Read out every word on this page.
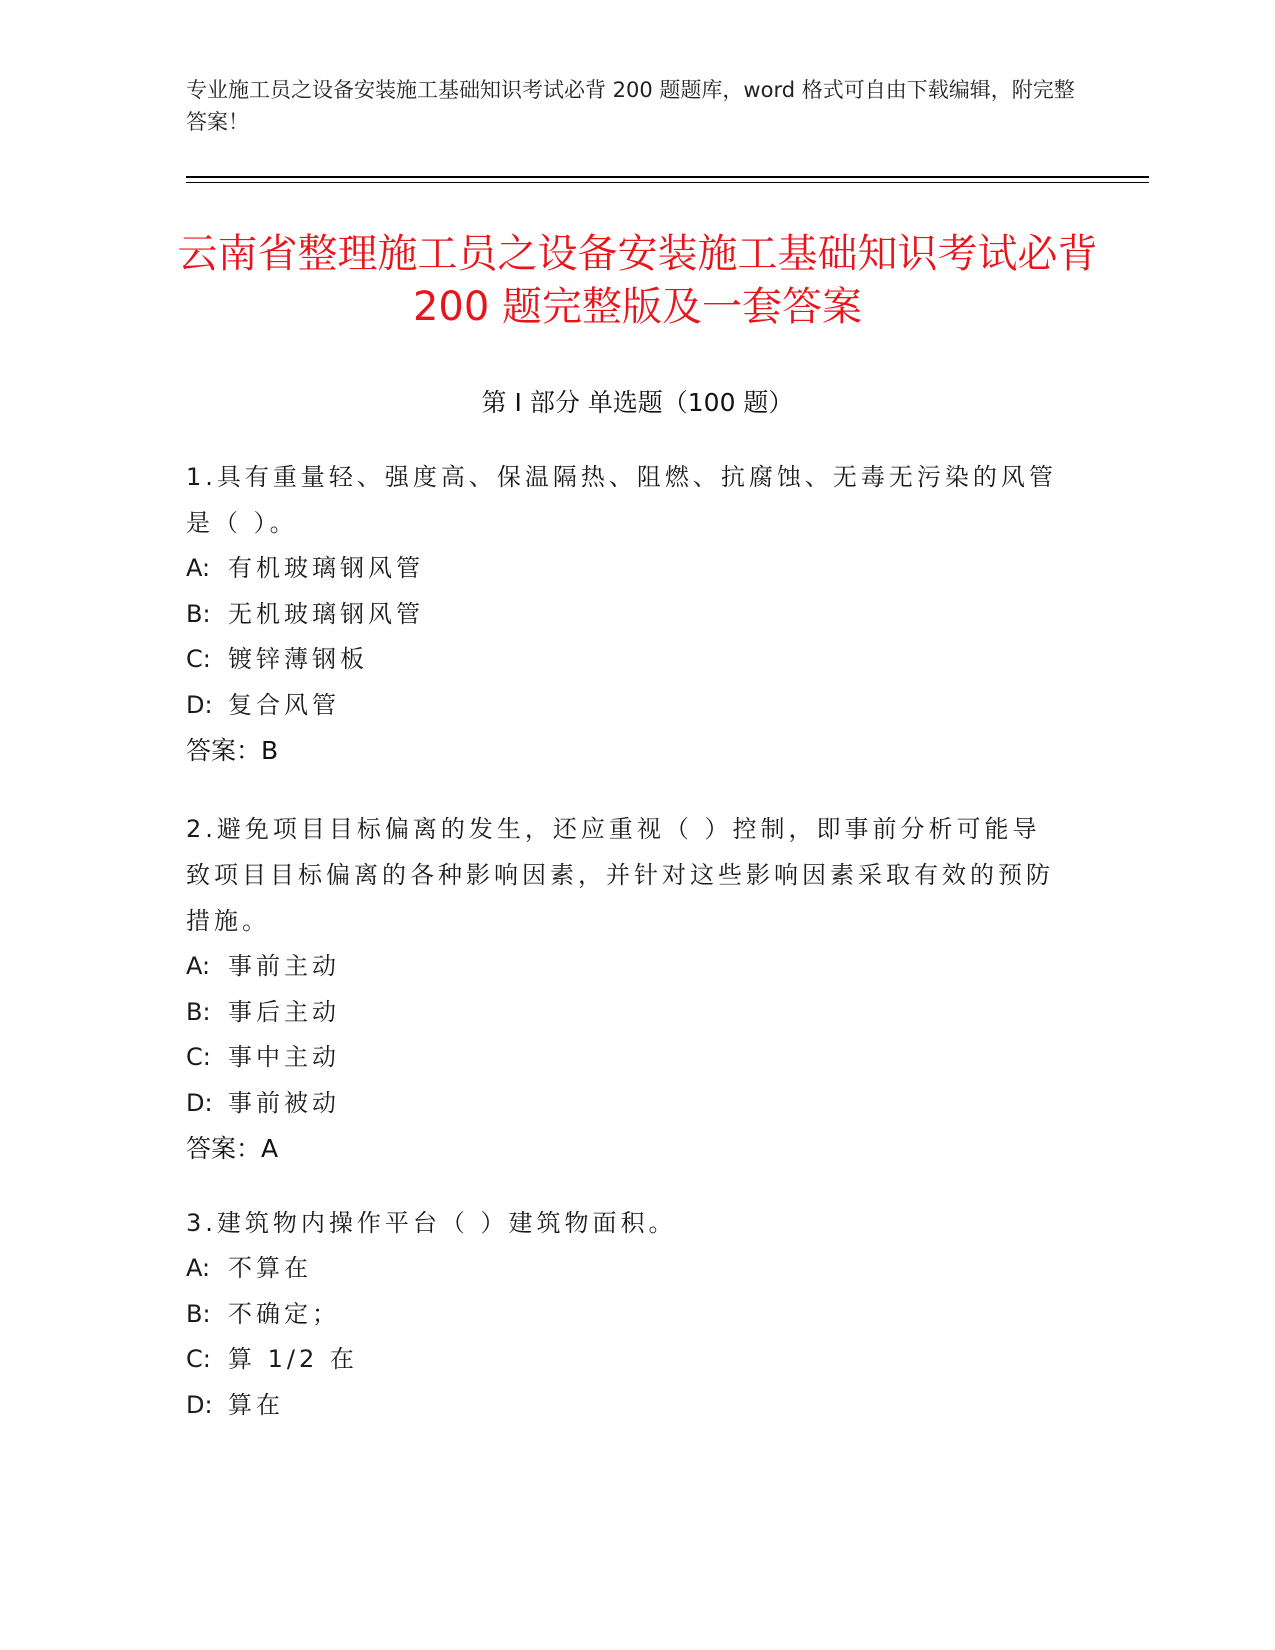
专业施工员之设备安装施工基础知识考试必背 200 题题库，word 格式可自由下载编辑，附完整答案！
云南省整理施工员之设备安装施工基础知识考试必背 200 题完整版及一套答案
第 I 部分 单选题（100 题）
1.具有重量轻、强度高、保温隔热、阻燃、抗腐蚀、无毒无污染的风管是（ ）。
A: 有机玻璃钢风管
B: 无机玻璃钢风管
C: 镀锌薄钢板
D: 复合风管
答案：B
2.避免项目目标偏离的发生，还应重视（ ）控制，即事前分析可能导致项目目标偏离的各种影响因素，并针对这些影响因素采取有效的预防措施。
A: 事前主动
B: 事后主动
C: 事中主动
D: 事前被动
答案：A
3.建筑物内操作平台（ ）建筑物面积。
A: 不算在
B: 不确定；
C: 算 1/2 在
D: 算在
